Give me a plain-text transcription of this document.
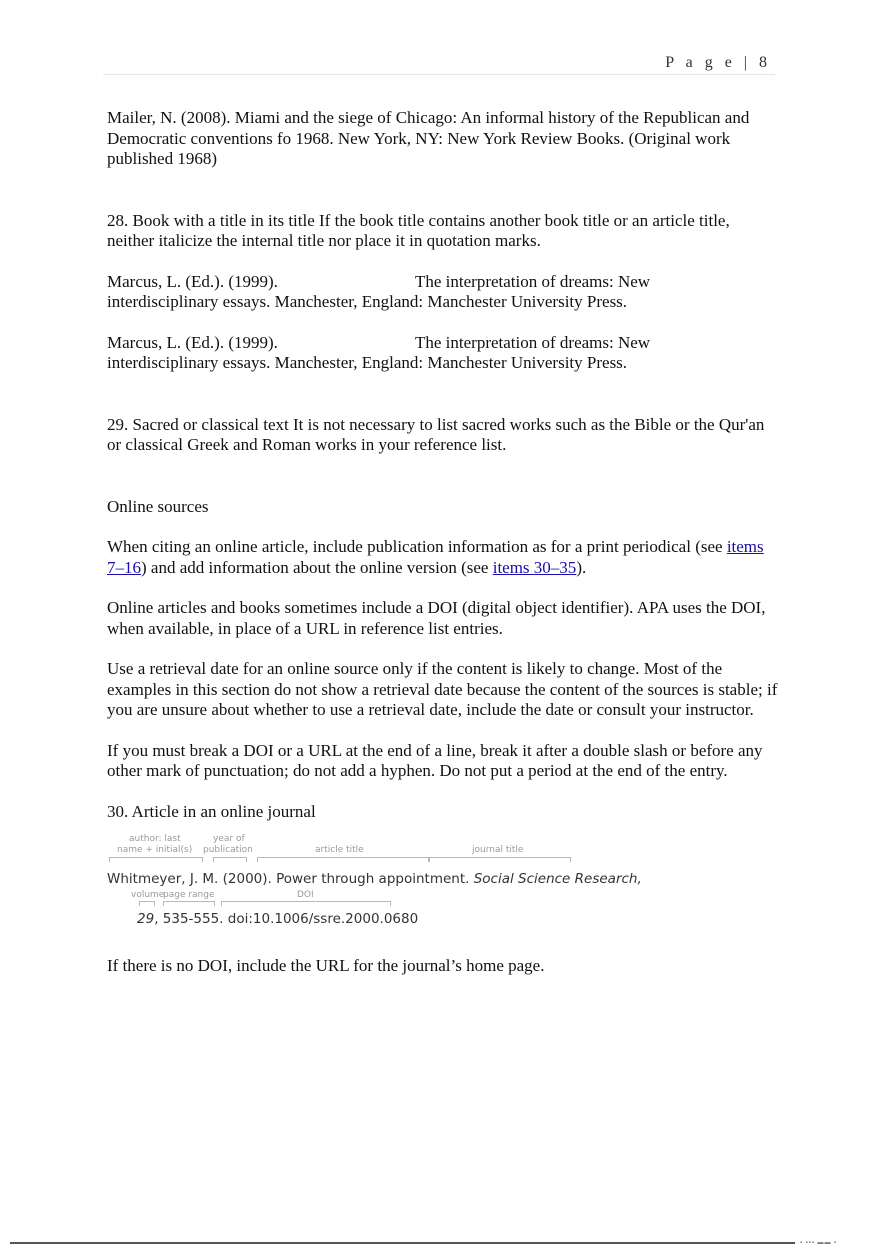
P a g e | 8

Mailer, N. (2008). Miami and the siege of Chicago: An informal history of the Republican and Democratic conventions fo 1968. New York, NY: New York Review Books. (Original work published 1968)

28. Book with a title in its title If the book title contains another book title or an article title, neither italicize the internal title nor place it in quotation marks.

Marcus, L. (Ed.). (1999).	The interpretation of dreams: New
interdisciplinary essays. Manchester, England: Manchester University Press.

Marcus, L. (Ed.). (1999).	The interpretation of dreams: New
interdisciplinary essays. Manchester, England: Manchester University Press.

29. Sacred or classical text It is not necessary to list sacred works such as the Bible or the Qur'an or classical Greek and Roman works in your reference list.

Online sources

When citing an online article, include publication information as for a print periodical (see items 7–16) and add information about the online version (see items 30–35).

Online articles and books sometimes include a DOI (digital object identifier). APA uses the DOI, when available, in place of a URL in reference list entries.

Use a retrieval date for an online source only if the content is likely to change. Most of the examples in this section do not show a retrieval date because the content of the sources is stable; if you are unsure about whether to use a retrieval date, include the date or consult your instructor.

If you must break a DOI or a URL at the end of a line, break it after a double slash or before any other mark of punctuation; do not add a hyphen. Do not put a period at the end of the entry.

30. Article in an online journal

author: last
name + initial(s)
year of
publication	article title	journal title
Whitmeyer, J. M. (2000). Power through appointment. Social Science Research,
volume
page range	DOI
29, 535-555. doi:10.1006/ssre.2000.0680

If there is no DOI, include the URL for the journal’s home page.

▪ ▪▪▪ ▬▬ ▪
